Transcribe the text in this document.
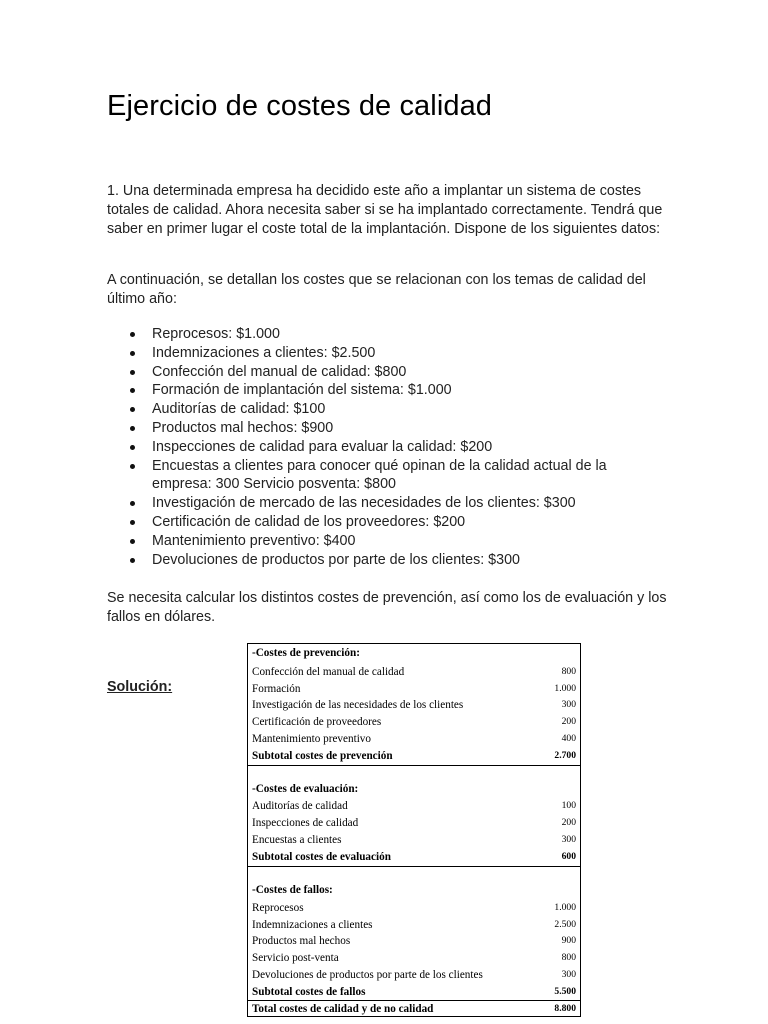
Ejercicio de costes de calidad

1. Una determinada empresa ha decidido este año a implantar un sistema de costes totales de calidad. Ahora necesita saber si se ha implantado correctamente. Tendrá que saber en primer lugar el coste total de la implantación. Dispone de los siguientes datos:

A continuación, se detallan los costes que se relacionan con los temas de calidad del último año:

Reprocesos: $1.000
Indemnizaciones a clientes: $2.500
Confección del manual de calidad: $800
Formación de implantación del sistema: $1.000
Auditorías de calidad: $100
Productos mal hechos: $900
Inspecciones de calidad para evaluar la calidad: $200
Encuestas a clientes para conocer qué opinan de la calidad actual de la empresa: 300 Servicio posventa: $800
Investigación de mercado de las necesidades de los clientes: $300
Certificación de calidad de los proveedores: $200
Mantenimiento preventivo: $400
Devoluciones de productos por parte de los clientes: $300

Se necesita calcular los distintos costes de prevención, así como los de evaluación y los fallos en dólares.

Solución:
-Costes de prevención:
Confección del manual de calidad	800
Formación	1.000
Investigación de las necesidades de los clientes	300
Certificación de proveedores	200
Mantenimiento preventivo	400
Subtotal costes de prevención	2.700
-Costes de evaluación:
Auditorías de calidad	100
Inspecciones de calidad	200
Encuestas a clientes	300
Subtotal costes de evaluación	600
-Costes de fallos:
Reprocesos	1.000
Indemnizaciones a clientes	2.500
Productos mal hechos	900
Servicio post-venta	800
Devoluciones de productos por parte de los clientes	300
Subtotal costes de fallos	5.500
Total costes de calidad y de no calidad	8.800
